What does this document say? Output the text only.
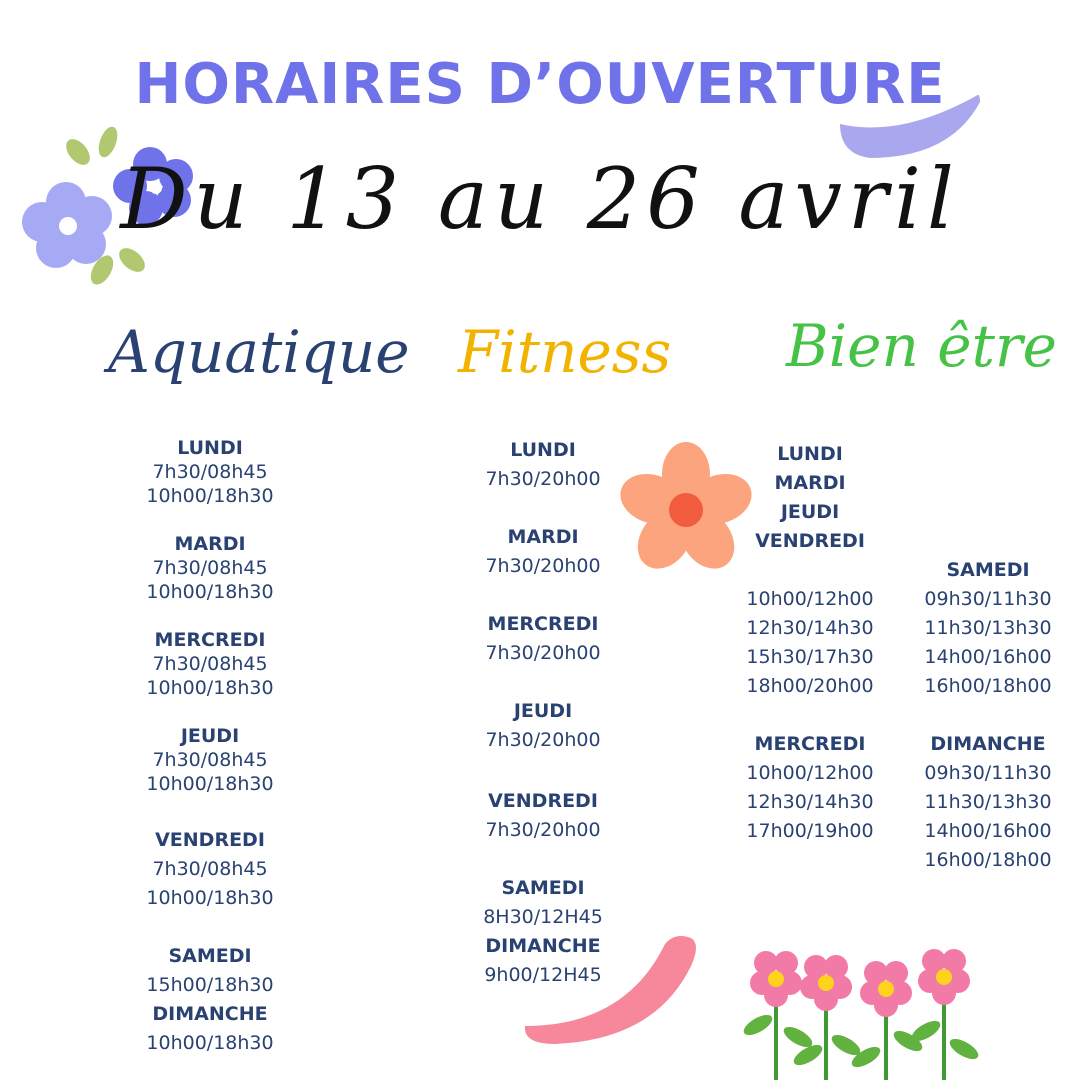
HORAIRES D’OUVERTURE
Du 13 au 26 avril
Aquatique Fitness Bien être
LUNDI
7h30/08h45
10h00/18h30
MARDI
7h30/08h45
10h00/18h30
MERCREDI
7h30/08h45
10h00/18h30
JEUDI
7h30/08h45
10h00/18h30
VENDREDI
7h30/08h45
10h00/18h30
SAMEDI
15h00/18h30
DIMANCHE
10h00/18h30
LUNDI
7h30/20h00
MARDI
7h30/20h00
MERCREDI
7h30/20h00
JEUDI
7h30/20h00
VENDREDI
7h30/20h00
SAMEDI
8H30/12H45
DIMANCHE
9h00/12H45
LUNDI
MARDI
JEUDI
VENDREDI
10h00/12h00
12h30/14h30
15h30/17h30
18h00/20h00
MERCREDI
10h00/12h00
12h30/14h30
17h00/19h00
SAMEDI
09h30/11h30
11h30/13h30
14h00/16h00
16h00/18h00
DIMANCHE
09h30/11h30
11h30/13h30
14h00/16h00
16h00/18h00
